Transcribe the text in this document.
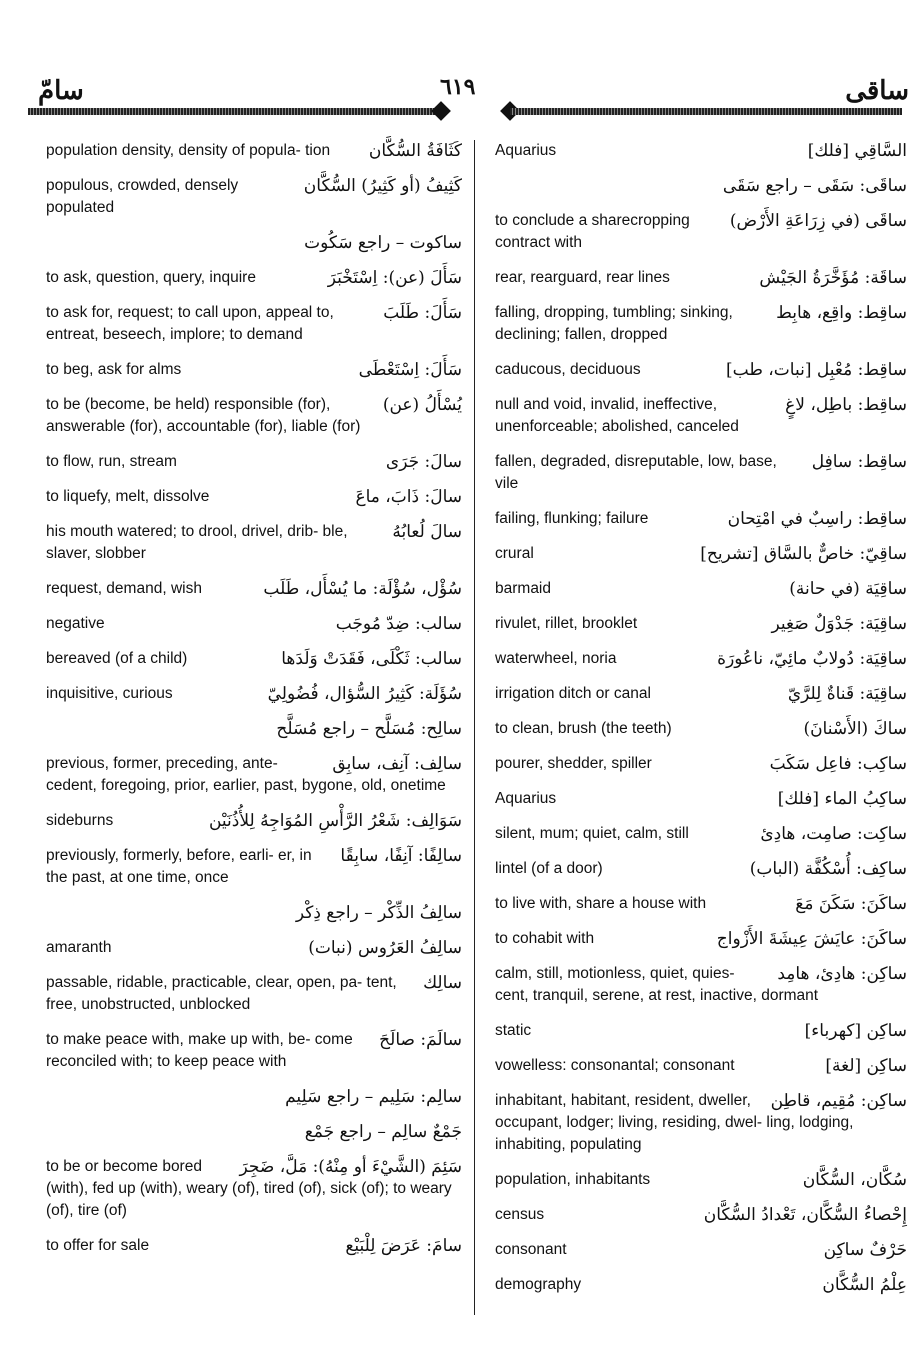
سامّ	٦١٩	ساقى
كَثَافَةُ السُّكَّان
population density, density of popula- tion
كَثِيفُ (أو كَثِيرُ) السُّكَّان
populous, crowded, densely populated
ساكوت – راجع سَكُوت
سَأَلَ (عن): اِسْتَخْبَرَ
to ask, question, query, inquire
سَأَلَ: طَلَبَ
to ask for, request; to call upon, appeal to, entreat, beseech, implore; to demand
سَأَلَ: اِسْتَعْطَى
to beg, ask for alms
يُسْأَلُ (عن)
to be (become, be held) responsible (for), answerable (for), accountable (for), liable (for)
سالَ: جَرَى
to flow, run, stream
سالَ: ذَابَ، ماعَ
to liquefy, melt, dissolve
سالَ لُعابُهُ
his mouth watered; to drool, drivel, drib- ble, slaver, slobber
سُؤْل، سُؤْلَة: ما يُسْأَل، طَلَب
request, demand, wish
سالب: ضِدّ مُوجَب
negative
سالب: ثَكْلَى، فَقَدَتْ وَلَدَها
bereaved (of a child)
سُؤَلَة: كَثِيرُ السُّؤال، فُضُولِيّ
inquisitive, curious
سالِح: مُسَلَّح – راجع مُسَلَّح
سالِف: آنِف، سابِق
previous, former, preceding, ante- cedent, foregoing, prior, earlier, past, bygone, old, onetime
سَوَالِف: شَعْرُ الرَّأْسِ المُوَاجِهُ لِلأُذُنَيْن
sideburns
سالِفًا: آنِفًا، سابِقًا
previously, formerly, before, earli- er, in the past, at one time, once
سالِفُ الذِّكْر – راجع ذِكْر
سالِفُ العَرُوس (نبات)
amaranth
سالِك
passable, ridable, practicable, clear, open, pa- tent, free, unobstructed, unblocked
سالَمَ: صالَحَ
to make peace with, make up with, be- come reconciled with; to keep peace with
سالِم: سَلِيم – راجع سَلِيم
جَمْعٌ سالِم – راجع جَمْع
سَئِمَ (الشَّيْءَ أو مِنْهُ): مَلَّ، ضَجِرَ
to be or become bored (with), fed up (with), weary (of), tired (of), sick (of); to weary (of), tire (of)
سامَ: عَرَضَ لِلْبَيْع
to offer for sale
السَّاقِي [فلك]
Aquarius
ساقَى: سَقَى – راجع سَقَى
ساقَى (في زِرَاعَةِ الأَرْض)
to conclude a sharecropping contract with
ساقَة: مُؤَخَّرَةُ الجَيْش
rear, rearguard, rear lines
ساقِط: واقِع، هابِط
falling, dropping, tumbling; sinking, declining; fallen, dropped
ساقِط: مُعْبِل [نبات، طب]
caducous, deciduous
ساقِط: باطِل، لاغٍ
null and void, invalid, ineffective, unenforceable; abolished, canceled
ساقِط: سافِل
fallen, degraded, disreputable, low, base, vile
ساقِط: راسِبٌ في امْتِحان
failing, flunking; failure
ساقِيّ: خاصٌّ بالسَّاق [تشريح]
crural
ساقِيَة (في حانة)
barmaid
ساقِيَة: جَدْوَلٌ صَغِير
rivulet, rillet, brooklet
ساقِيَة: دُولابٌ مائِيّ، ناعُورَة
waterwheel, noria
ساقِيَة: قَناةٌ لِلرَّيّ
irrigation ditch or canal
ساكَ (الأَسْنانَ)
to clean, brush (the teeth)
ساكِب: فاعِل سَكَبَ
pourer, shedder, spiller
ساكِبُ الماء [فلك]
Aquarius
ساكِت: صامِت، هادِئ
silent, mum; quiet, calm, still
ساكِف: أُسْكُفَّة (الباب)
lintel (of a door)
ساكَنَ: سَكَنَ مَعَ
to live with, share a house with
ساكَنَ: عايَشَ عِيشَةَ الأَزْواج
to cohabit with
ساكِن: هادِئ، هامِد
calm, still, motionless, quiet, quies- cent, tranquil, serene, at rest, inactive, dormant
ساكِن [كهرباء]
static
ساكِن [لغة]
vowelless: consonantal; consonant
ساكِن: مُقِيم، قاطِن
inhabitant, habitant, resident, dweller, occupant, lodger; living, residing, dwel- ling, lodging, inhabiting, populating
سُكَّان، السُّكَّان
population, inhabitants
إِحْصاءُ السُّكَّان، تَعْدادُ السُّكَّان
census
حَرْفٌ ساكِن
consonant
عِلْمُ السُّكَّان
demography
